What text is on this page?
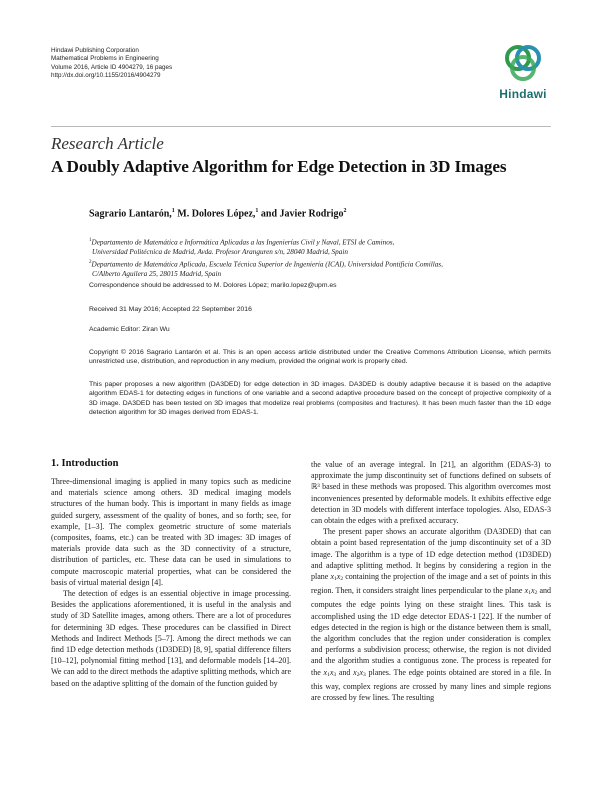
Hindawi Publishing Corporation
Mathematical Problems in Engineering
Volume 2016, Article ID 4904279, 16 pages
http://dx.doi.org/10.1155/2016/4904279
Hindawi
Research Article
A Doubly Adaptive Algorithm for Edge Detection in 3D Images
Sagrario Lantarón,$^1$ M. Dolores López,$^1$ and Javier Rodrigo$^2$
$^1$Departamento de Matemática e Informática Aplicadas a las Ingenierías Civil y Naval, ETSI de Caminos,
Universidad Politécnica de Madrid, Avda. Profesor Aranguren s/n, 28040 Madrid, Spain
$^2$Departamento de Matemática Aplicada, Escuela Técnica Superior de Ingeniería (ICAI), Universidad Pontificia Comillas,
C/Alberto Aguilera 25, 28015 Madrid, Spain
Correspondence should be addressed to M. Dolores López; marilo.lopez@upm.es
Received 31 May 2016; Accepted 22 September 2016
Academic Editor: Ziran Wu
Copyright © 2016 Sagrario Lantarón et al. This is an open access article distributed under the Creative Commons Attribution License, which permits unrestricted use, distribution, and reproduction in any medium, provided the original work is properly cited.
This paper proposes a new algorithm (DA3DED) for edge detection in 3D images. DA3DED is doubly adaptive because it is based on the adaptive algorithm EDAS-1 for detecting edges in functions of one variable and a second adaptive procedure based on the concept of projective complexity of a 3D image. DA3DED has been tested on 3D images that modelize real problems (composites and fractures). It has been much faster than the 1D edge detection algorithm for 3D images derived from EDAS-1.
1. Introduction

Three-dimensional imaging is applied in many topics such as medicine and materials science among others. 3D medical imaging models structures of the human body. This is important in many fields as image guided surgery, assessment of the quality of bones, and so forth; see, for example, [1–3]. The complex geometric structure of some materials (composites, foams, etc.) can be treated with 3D images: 3D images of materials provide data such as the 3D connectivity of a structure, distribution of particles, etc. These data can be used in simulations to compute macroscopic material properties, what can be considered the basis of virtual material design [4].

The detection of edges is an essential objective in image processing. Besides the applications aforementioned, it is useful in the analysis and study of 3D Satellite images, among others. There are a lot of procedures for determining 3D edges. These procedures can be classified in Direct Methods and Indirect Methods [5–7]. Among the direct methods we can find 1D edge detection methods (1D3DED) [8, 9], spatial difference filters [10–12], polynomial fitting method [13], and deformable models [14–20]. We can add to the direct methods the adaptive splitting methods, which are based on the adaptive splitting of the domain of the function guided by

the value of an average integral. In [21], an algorithm (EDAS-3) to approximate the jump discontinuity set of functions defined on subsets of ℝ³ based in these methods was proposed. This algorithm overcomes most inconveniences presented by deformable models. It exhibits effective edge detection in 3D models with different interface topologies. Also, EDAS-3 can obtain the edges with a prefixed accuracy.

The present paper shows an accurate algorithm (DA3DED) that can obtain a point based representation of the jump discontinuity set of a 3D image. The algorithm is a type of 1D edge detection method (1D3DED) and adaptive splitting method. It begins by considering a region in the plane x1x2 containing the projection of the image and a set of points in this region. Then, it considers straight lines perpendicular to the plane x1x2 and computes the edge points lying on these straight lines. This task is accomplished using the 1D edge detector EDAS-1 [22]. If the number of edges detected in the region is high or the distance between them is small, the algorithm concludes that the region under consideration is complex and performs a subdivision process; otherwise, the region is not divided and the algorithm studies a contiguous zone. The process is repeated for the x1x3 and x2x3 planes. The edge points obtained are stored in a file. In this way, complex regions are crossed by many lines and simple regions are crossed by few lines. The resulting
